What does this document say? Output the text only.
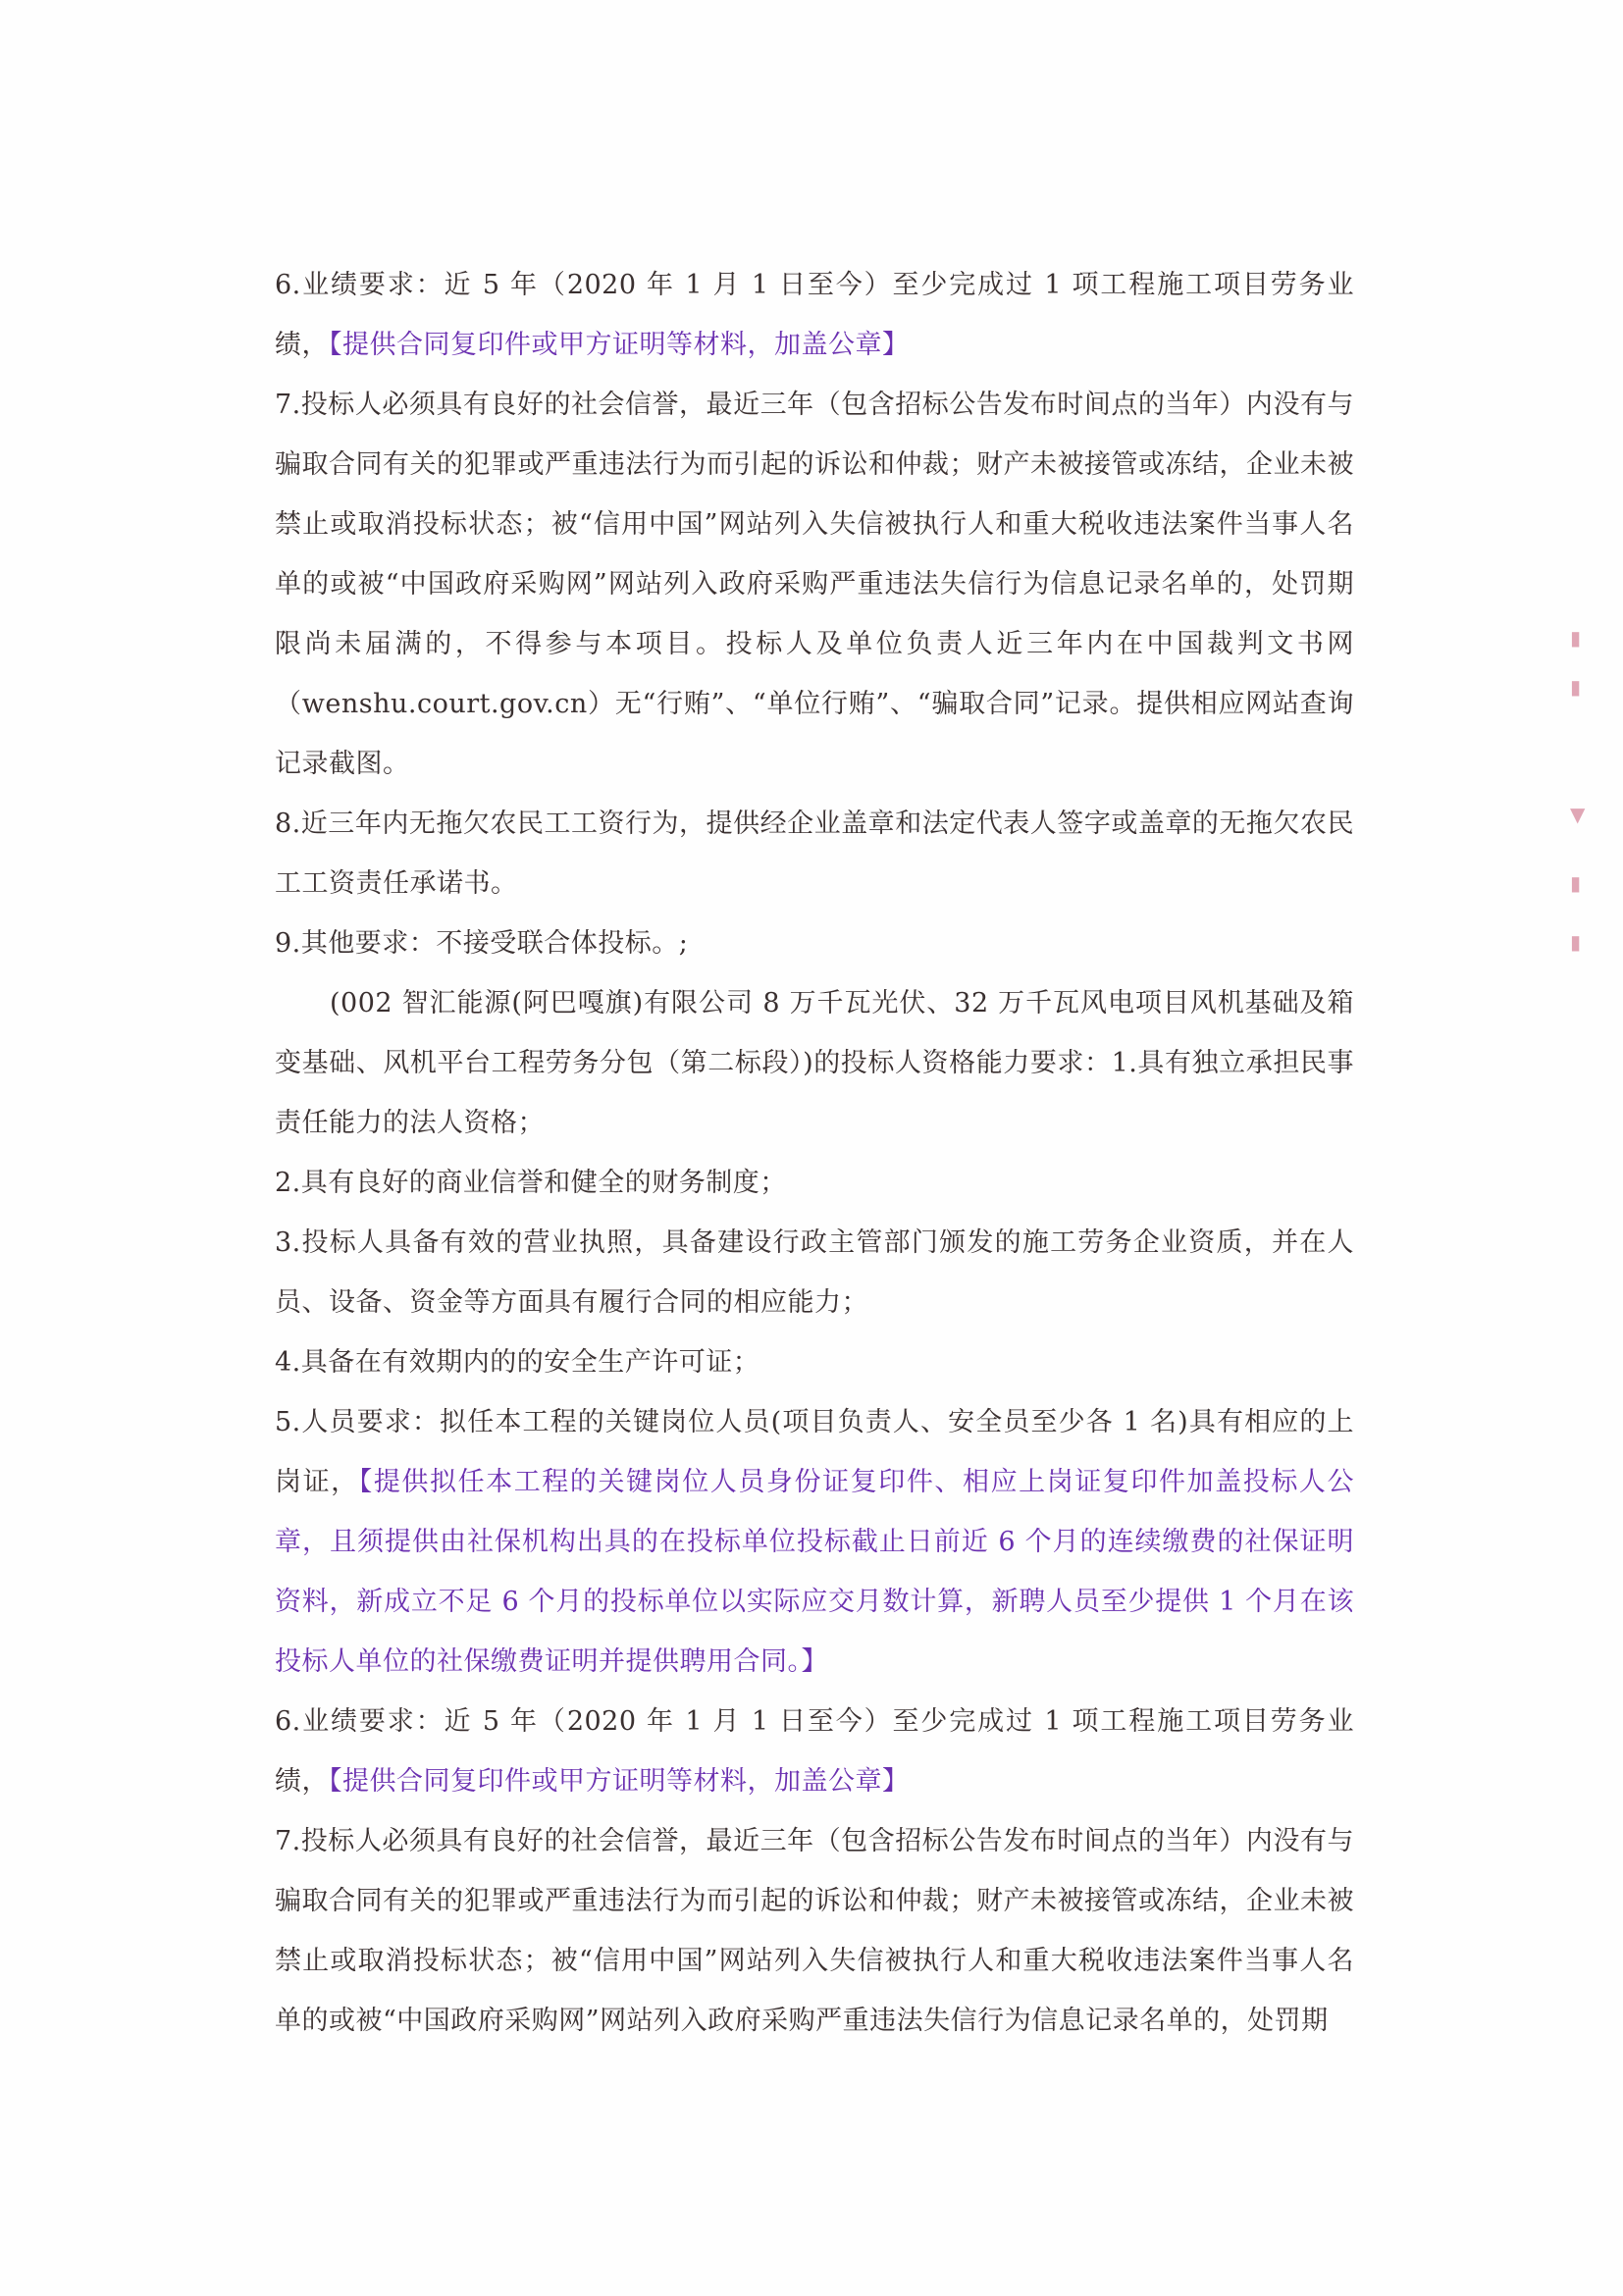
6.业绩要求：近 5 年（2020 年 1 月 1 日至今）至少完成过 1 项工程施工项目劳务业绩，【提供合同复印件或甲方证明等材料，加盖公章】

7.投标人必须具有良好的社会信誉，最近三年（包含招标公告发布时间点的当年）内没有与骗取合同有关的犯罪或严重违法行为而引起的诉讼和仲裁；财产未被接管或冻结，企业未被禁止或取消投标状态；被“信用中国”网站列入失信被执行人和重大税收违法案件当事人名单的或被“中国政府采购网”网站列入政府采购严重违法失信行为信息记录名单的，处罚期限尚未届满的，不得参与本项目。投标人及单位负责人近三年内在中国裁判文书网（wenshu.court.gov.cn）无“行贿”、“单位行贿”、“骗取合同”记录。提供相应网站查询记录截图。

8.近三年内无拖欠农民工工资行为，提供经企业盖章和法定代表人签字或盖章的无拖欠农民工工资责任承诺书。

9.其他要求：不接受联合体投标。;

(002 智汇能源(阿巴嘎旗)有限公司 8 万千瓦光伏、32 万千瓦风电项目风机基础及箱变基础、风机平台工程劳务分包（第二标段）)的投标人资格能力要求：1.具有独立承担民事责任能力的法人资格；

2.具有良好的商业信誉和健全的财务制度；

3.投标人具备有效的营业执照，具备建设行政主管部门颁发的施工劳务企业资质，并在人员、设备、资金等方面具有履行合同的相应能力；

4.具备在有效期内的的安全生产许可证；

5.人员要求：拟任本工程的关键岗位人员(项目负责人、安全员至少各 1 名)具有相应的上岗证，【提供拟任本工程的关键岗位人员身份证复印件、相应上岗证复印件加盖投标人公章，且须提供由社保机构出具的在投标单位投标截止日前近 6 个月的连续缴费的社保证明资料，新成立不足 6 个月的投标单位以实际应交月数计算，新聘人员至少提供 1 个月在该投标人单位的社保缴费证明并提供聘用合同。】

6.业绩要求：近 5 年（2020 年 1 月 1 日至今）至少完成过 1 项工程施工项目劳务业绩，【提供合同复印件或甲方证明等材料，加盖公章】

7.投标人必须具有良好的社会信誉，最近三年（包含招标公告发布时间点的当年）内没有与骗取合同有关的犯罪或严重违法行为而引起的诉讼和仲裁；财产未被接管或冻结，企业未被禁止或取消投标状态；被“信用中国”网站列入失信被执行人和重大税收违法案件当事人名单的或被“中国政府采购网”网站列入政府采购严重违法失信行为信息记录名单的，处罚期

▮
▮
▼
▮
▮
